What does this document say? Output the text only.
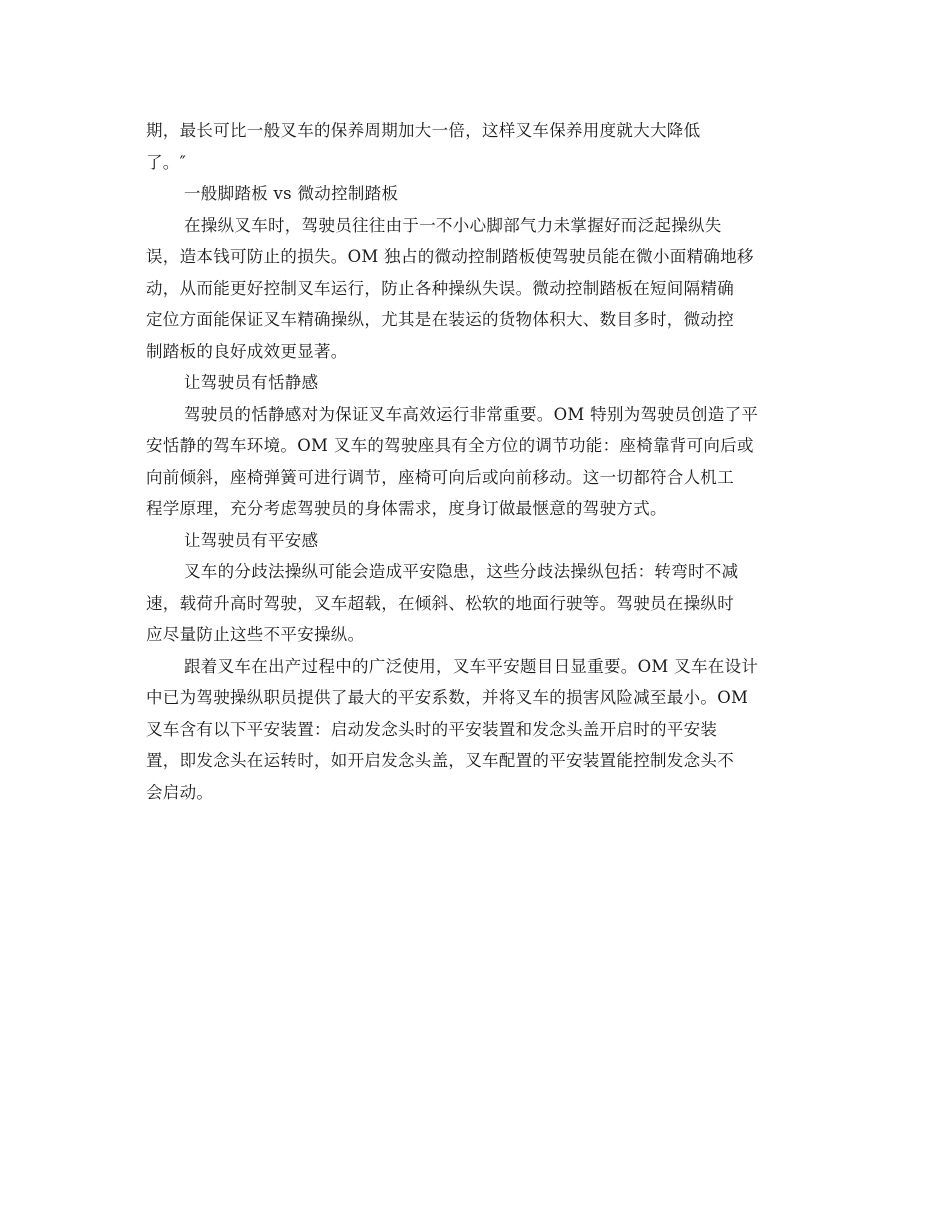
期，最长可比一般叉车的保养周期加大一倍，这样叉车保养用度就大大降低
了。″
一般脚踏板 vs 微动控制踏板
在操纵叉车时，驾驶员往往由于一不小心脚部气力未掌握好而泛起操纵失
误，造本钱可防止的损失。OM 独占的微动控制踏板使驾驶员能在微小面精确地移
动，从而能更好控制叉车运行，防止各种操纵失误。微动控制踏板在短间隔精确
定位方面能保证叉车精确操纵，尤其是在装运的货物体积大、数目多时，微动控
制踏板的良好成效更显著。
让驾驶员有恬静感
驾驶员的恬静感对为保证叉车高效运行非常重要。OM 特别为驾驶员创造了平
安恬静的驾车环境。OM 叉车的驾驶座具有全方位的调节功能：座椅靠背可向后或
向前倾斜，座椅弹簧可进行调节，座椅可向后或向前移动。这一切都符合人机工
程学原理，充分考虑驾驶员的身体需求，度身订做最惬意的驾驶方式。
让驾驶员有平安感
叉车的分歧法操纵可能会造成平安隐患，这些分歧法操纵包括：转弯时不减
速，载荷升高时驾驶，叉车超载，在倾斜、松软的地面行驶等。驾驶员在操纵时
应尽量防止这些不平安操纵。
跟着叉车在出产过程中的广泛使用，叉车平安题目日显重要。OM 叉车在设计
中已为驾驶操纵职员提供了最大的平安系数，并将叉车的损害风险减至最小。OM
叉车含有以下平安装置：启动发念头时的平安装置和发念头盖开启时的平安装
置，即发念头在运转时，如开启发念头盖，叉车配置的平安装置能控制发念头不
会启动。
